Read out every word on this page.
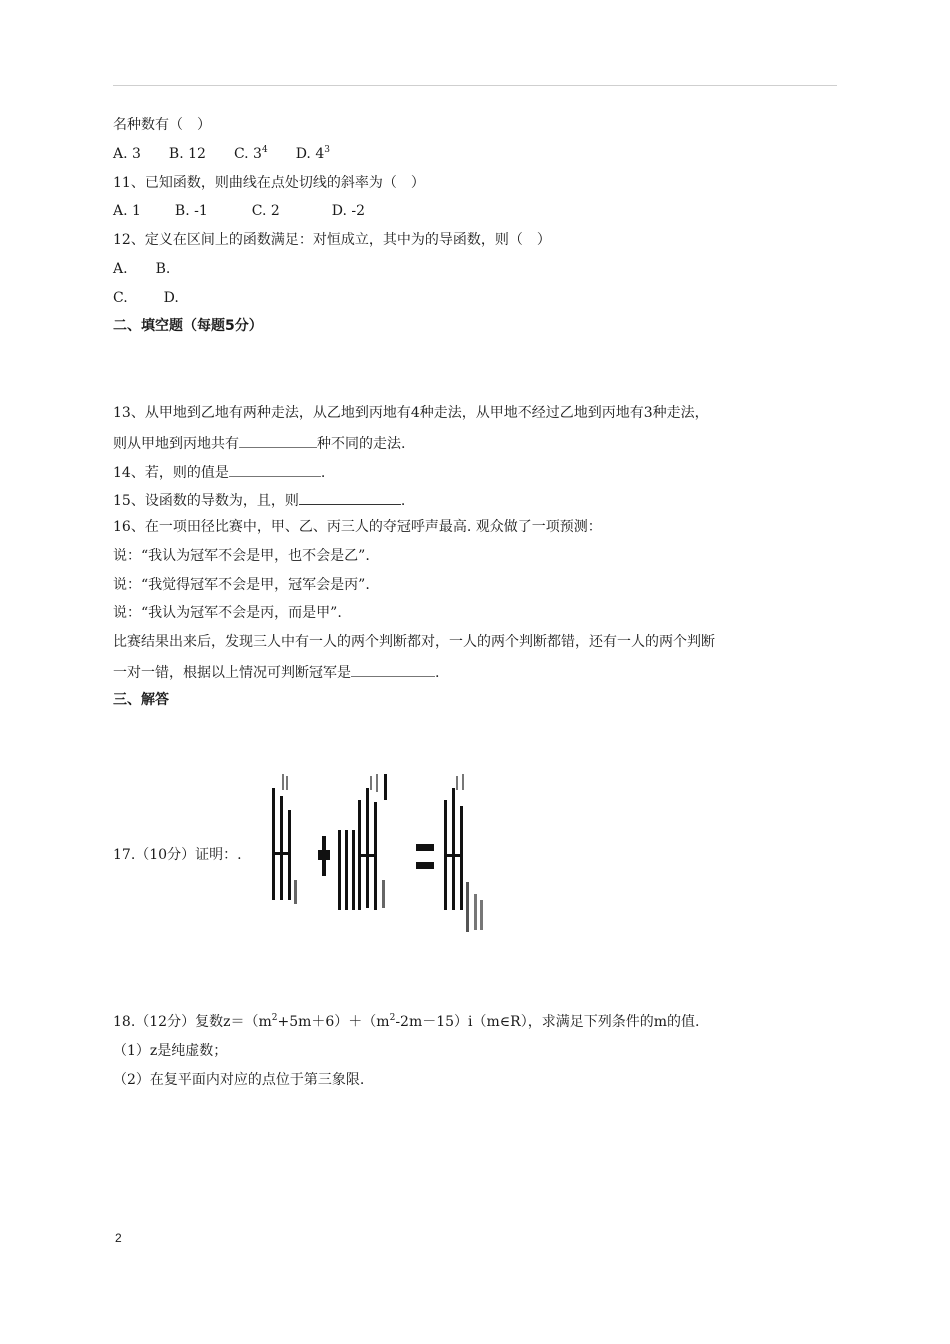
名种数有（　）
A. 3 B. 12 C. $3^4$ D. $4^3$
11、已知函数，则曲线在点处切线的斜率为（　）
A. 1 B. -1	C. 2	D. -2
12、定义在区间上的函数满足：对恒成立，其中为的导函数，则（　）
A. B.
C.	D.
二、填空题（每题5分）
13、从甲地到乙地有两种走法，从乙地到丙地有4种走法，从甲地不经过乙地到丙地有3种走法，
则从甲地到丙地共有	种不同的走法.
14、若，则的值是	.
15、设函数的导数为，且，则	.
16、在一项田径比赛中，甲、乙、丙三人的夺冠呼声最高. 观众做了一项预测：
说：“我认为冠军不会是甲，也不会是乙”.
说：“我觉得冠军不会是甲，冠军会是丙”.
说：“我认为冠军不会是丙，而是甲”.
比赛结果出来后，发现三人中有一人的两个判断都对，一人的两个判断都错，还有一人的两个判断
一对一错，根据以上情况可判断冠军是	.
三、解答
17.（10分）证明：.
18.（12分）复数$z=(m^2+5m+6)+(m^2-2m-15)i(m\in R)$，求满足下列条件的m的值.
（1）z是纯虚数；
（2）在复平面内对应的点位于第三象限.
2
